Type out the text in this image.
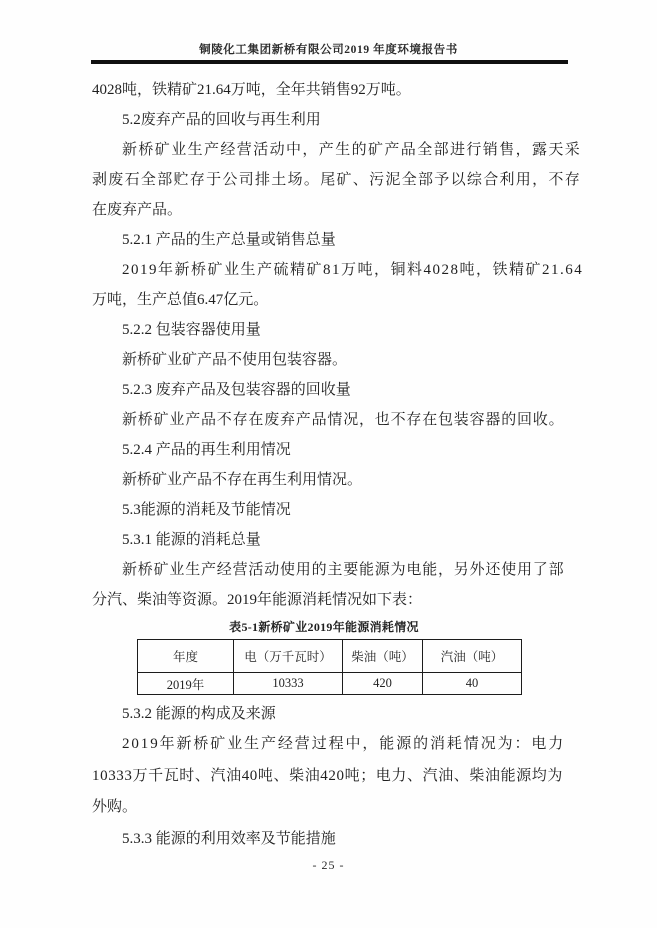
铜陵化工集团新桥有限公司2019 年度环境报告书
4028吨，铁精矿21.64万吨，全年共销售92万吨。
5.2废弃产品的回收与再生利用
新桥矿业生产经营活动中，产生的矿产品全部进行销售，露天采
剥废石全部贮存于公司排土场。尾矿、污泥全部予以综合利用，不存
在废弃产品。
5.2.1 产品的生产总量或销售总量
2019年新桥矿业生产硫精矿81万吨，铜料4028吨，铁精矿21.64
万吨，生产总值6.47亿元。
5.2.2 包装容器使用量
新桥矿业矿产品不使用包装容器。
5.2.3 废弃产品及包装容器的回收量
新桥矿业产品不存在废弃产品情况，也不存在包装容器的回收。
5.2.4 产品的再生利用情况
新桥矿业产品不存在再生利用情况。
5.3能源的消耗及节能情况
5.3.1 能源的消耗总量
新桥矿业生产经营活动使用的主要能源为电能，另外还使用了部
分汽、柴油等资源。2019年能源消耗情况如下表：
表5-1新桥矿业2019年能源消耗情况
年度	电（万千瓦时）	柴油（吨）	汽油（吨）
2019年	10333	420	40
5.3.2 能源的构成及来源
2019年新桥矿业生产经营过程中，能源的消耗情况为：电力
10333万千瓦时、汽油40吨、柴油420吨；电力、汽油、柴油能源均为
外购。
5.3.3 能源的利用效率及节能措施
- 25 -
